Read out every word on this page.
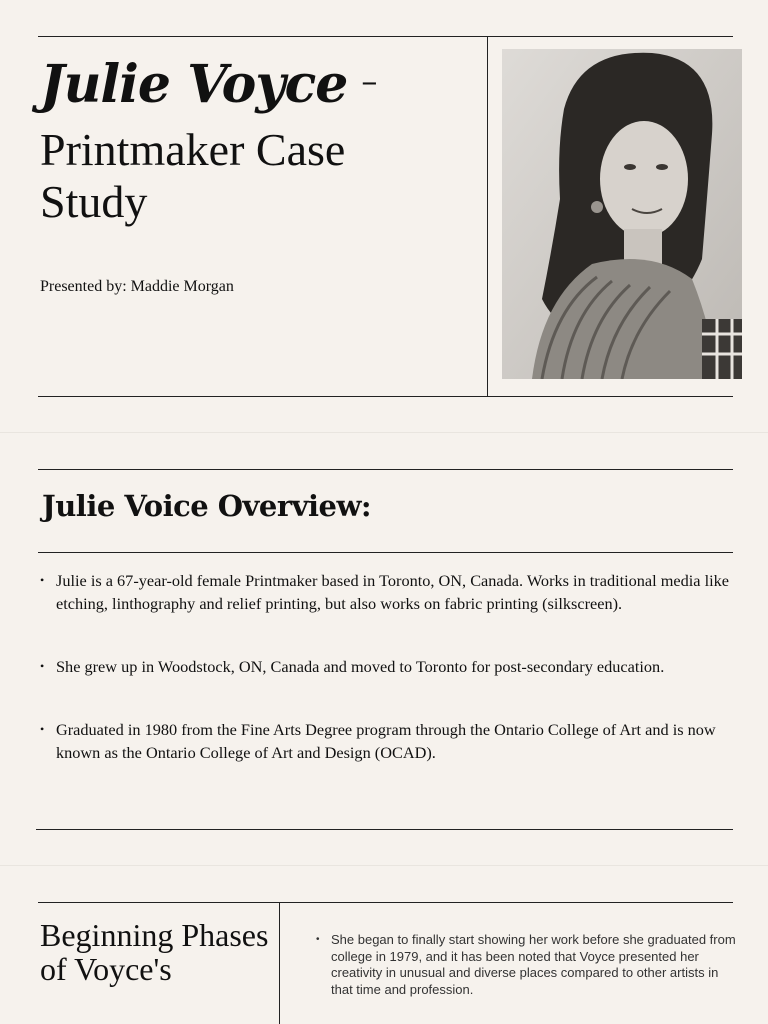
Julie Voyce –
Printmaker Case Study
Presented by: Maddie Morgan
Julie Voice Overview:
• Julie is a 67-year-old female Printmaker based in Toronto, ON, Canada. Works in traditional media like etching, linthography and relief printing, but also works on fabric printing (silkscreen).
• She grew up in Woodstock, ON, Canada and moved to Toronto for post-secondary education.
• Graduated in 1980 from the Fine Arts Degree program through the Ontario College of Art and is now known as the Ontario College of Art and Design (OCAD).
Beginning Phases of Voyce's
• She began to finally start showing her work before she graduated from college in 1979, and it has been noted that Voyce presented her creativity in unusual and diverse places compared to other artists in that time and profession.
